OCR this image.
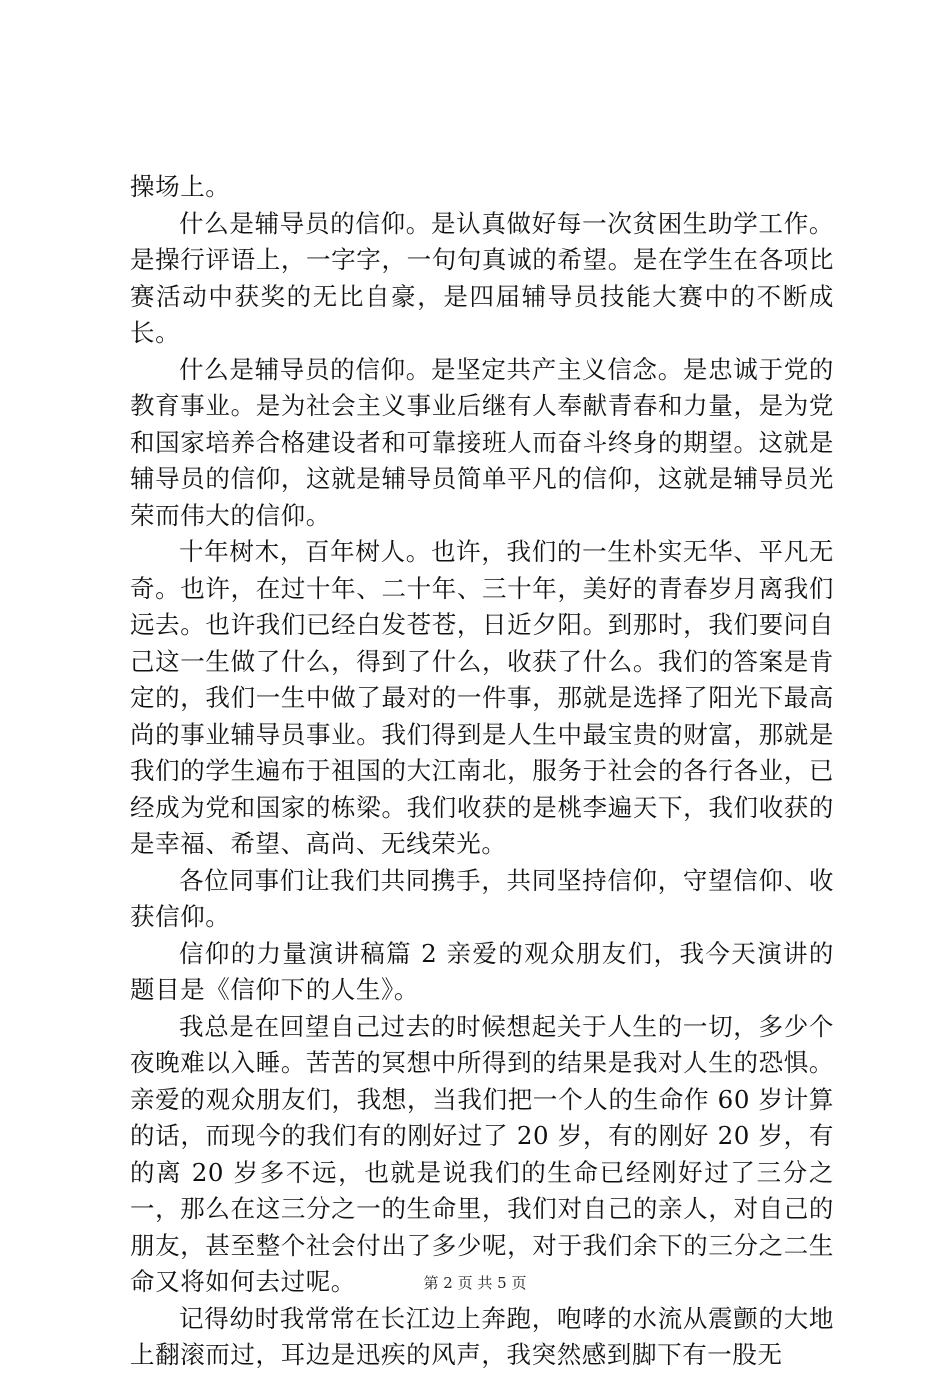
操场上。

什么是辅导员的信仰。是认真做好每一次贫困生助学工作。是操行评语上，一字字，一句句真诚的希望。是在学生在各项比赛活动中获奖的无比自豪，是四届辅导员技能大赛中的不断成长。

什么是辅导员的信仰。是坚定共产主义信念。是忠诚于党的教育事业。是为社会主义事业后继有人奉献青春和力量，是为党和国家培养合格建设者和可靠接班人而奋斗终身的期望。这就是辅导员的信仰，这就是辅导员简单平凡的信仰，这就是辅导员光荣而伟大的信仰。

十年树木，百年树人。也许，我们的一生朴实无华、平凡无奇。也许，在过十年、二十年、三十年，美好的青春岁月离我们远去。也许我们已经白发苍苍，日近夕阳。到那时，我们要问自己这一生做了什么，得到了什么，收获了什么。我们的答案是肯定的，我们一生中做了最对的一件事，那就是选择了阳光下最高尚的事业辅导员事业。我们得到是人生中最宝贵的财富，那就是我们的学生遍布于祖国的大江南北，服务于社会的各行各业，已经成为党和国家的栋梁。我们收获的是桃李遍天下，我们收获的是幸福、希望、高尚、无线荣光。

各位同事们让我们共同携手，共同坚持信仰，守望信仰、收获信仰。

信仰的力量演讲稿篇 2 亲爱的观众朋友们，我今天演讲的题目是《信仰下的人生》。

我总是在回望自己过去的时候想起关于人生的一切，多少个夜晚难以入睡。苦苦的冥想中所得到的结果是我对人生的恐惧。亲爱的观众朋友们，我想，当我们把一个人的生命作 60 岁计算的话，而现今的我们有的刚好过了 20 岁，有的刚好 20 岁，有的离 20 岁多不远，也就是说我们的生命已经刚好过了三分之一，那么在这三分之一的生命里，我们对自己的亲人，对自己的朋友，甚至整个社会付出了多少呢，对于我们余下的三分之二生命又将如何去过呢。

记得幼时我常常在长江边上奔跑，咆哮的水流从震颤的大地上翻滚而过，耳边是迅疾的风声，我突然感到脚下有一股无

第 2 页 共 5 页
